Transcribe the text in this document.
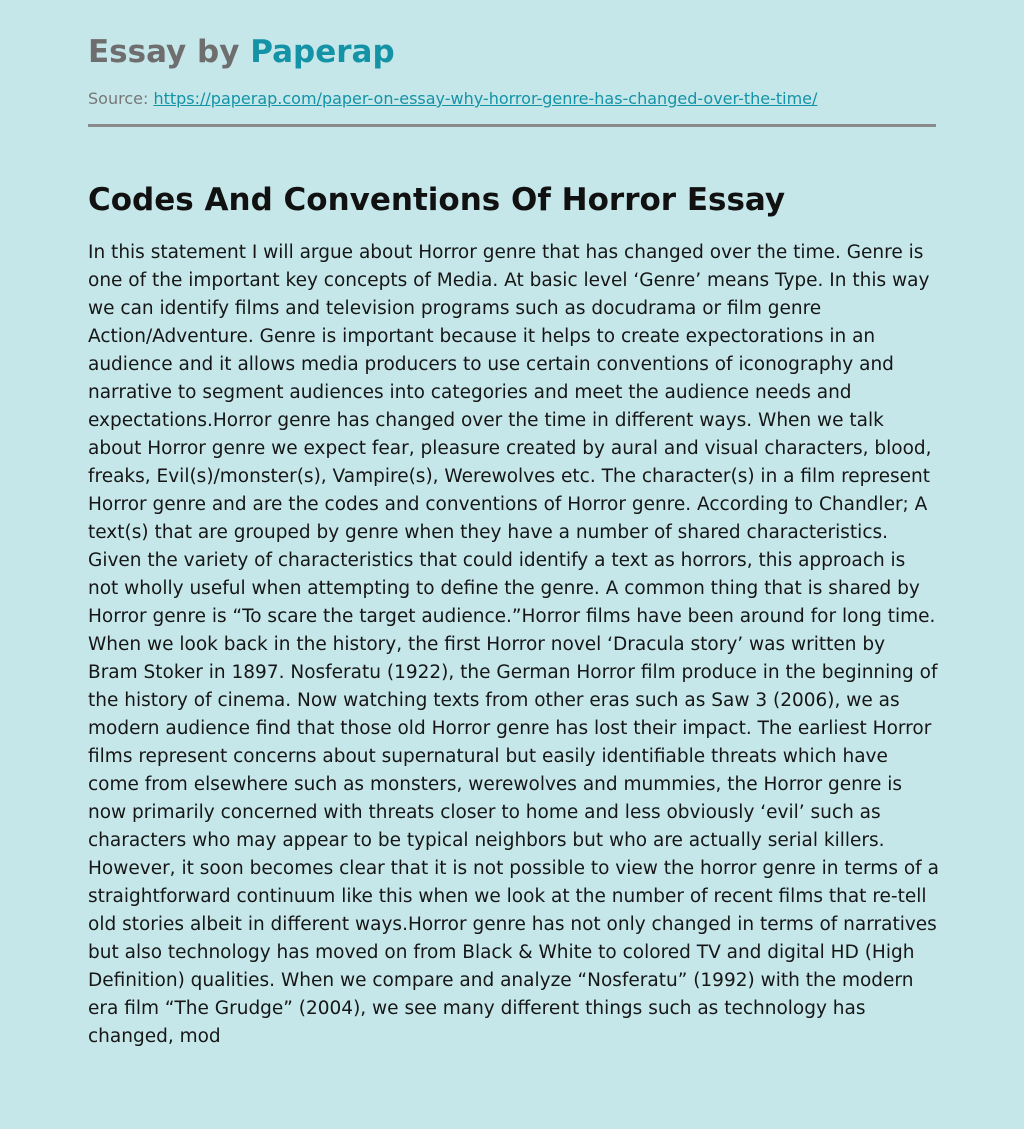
Essay by Paperap
Source: https://paperap.com/paper-on-essay-why-horror-genre-has-changed-over-the-time/
Codes And Conventions Of Horror Essay

In this statement I will argue about Horror genre that has changed over the time. Genre is one of the important key concepts of Media. At basic level ‘Genre’ means Type. In this way we can identify films and television programs such as docudrama or film genre Action/Adventure. Genre is important because it helps to create expectorations in an audience and it allows media producers to use certain conventions of iconography and narrative to segment audiences into categories and meet the audience needs and expectations.Horror genre has changed over the time in different ways. When we talk about Horror genre we expect fear, pleasure created by aural and visual characters, blood, freaks, Evil(s)/monster(s), Vampire(s), Werewolves etc. The character(s) in a film represent Horror genre and are the codes and conventions of Horror genre. According to Chandler; A text(s) that are grouped by genre when they have a number of shared characteristics. Given the variety of characteristics that could identify a text as horrors, this approach is not wholly useful when attempting to define the genre. A common thing that is shared by Horror genre is “To scare the target audience.”Horror films have been around for long time. When we look back in the history, the first Horror novel ‘Dracula story’ was written by Bram Stoker in 1897. Nosferatu (1922), the German Horror film produce in the beginning of the history of cinema. Now watching texts from other eras such as Saw 3 (2006), we as modern audience find that those old Horror genre has lost their impact. The earliest Horror films represent concerns about supernatural but easily identifiable threats which have come from elsewhere such as monsters, werewolves and mummies, the Horror genre is now primarily concerned with threats closer to home and less obviously ‘evil’ such as characters who may appear to be typical neighbors but who are actually serial killers. However, it soon becomes clear that it is not possible to view the horror genre in terms of a straightforward continuum like this when we look at the number of recent films that re-tell old stories albeit in different ways.Horror genre has not only changed in terms of narratives but also technology has moved on from Black & White to colored TV and digital HD (High Definition) qualities. When we compare and analyze “Nosferatu” (1992) with the modern era film “The Grudge” (2004), we see many different things such as technology has changed, mod
